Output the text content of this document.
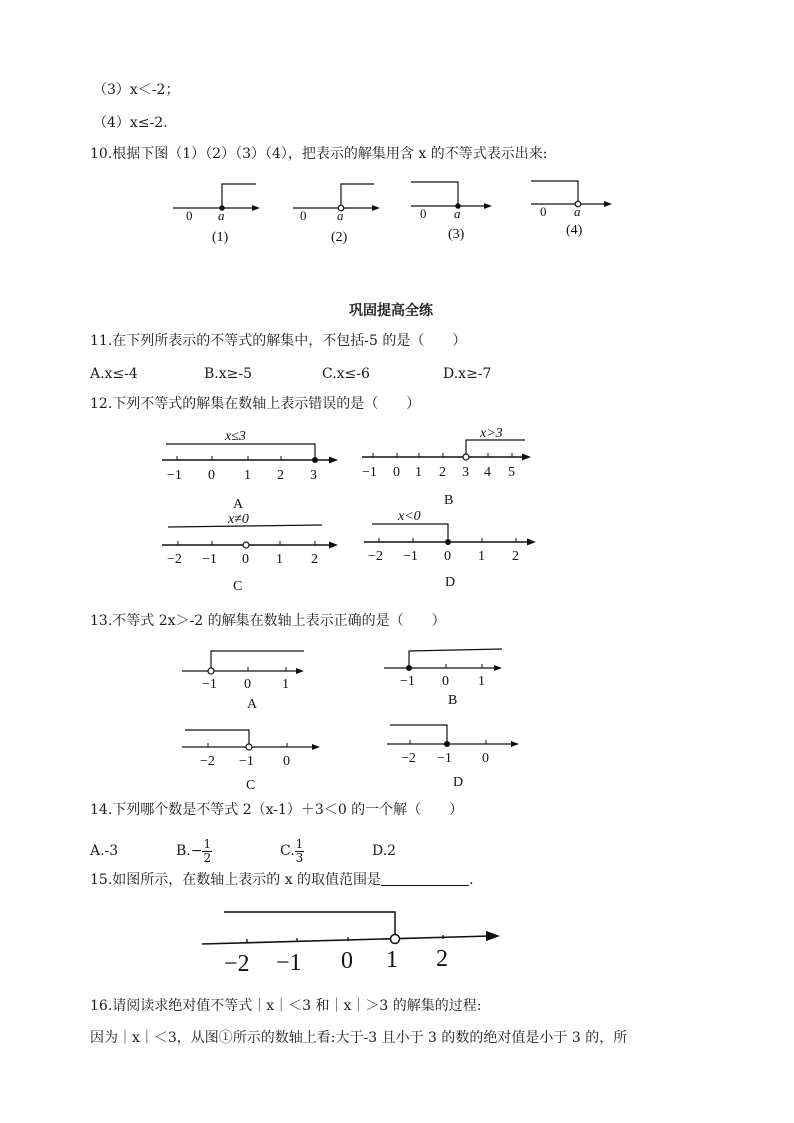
（3）x＜-2；
（4）x≤-2.
10.根据下图（1）（2）（3）（4），把表示的解集用含 x 的不等式表示出来:
0 a
(1)
0 a
(2)
0 a
(3)
0 a
(4)
巩固提高全练
11.在下列所表示的不等式的解集中，不包括-5 的是（　　）
A.x≤-4	B.x≥-5	C.x≤-6	D.x≥-7
12.下列不等式的解集在数轴上表示错误的是（　　）
x≤3
−1 0 1 2 3
A
x>3
−1 0 1 2 3 4 5
B
x≠0
−2 −1 0 1 2
C
x<0
−2 −1 0 1 2
D
13.不等式 2x＞-2 的解集在数轴上表示正确的是（　　）
−1 0 1
A
−1 0 1
B
−2 −1 0
C
−2 −1 0
D
14.下列哪个数是不等式 2（x-1）＋3＜0 的一个解（　　）
A.-3	$B.- \frac{1}{2}$	C. $\frac{1}{3}$	D.2
15.如图所示，在数轴上表示的 x 的取值范围是	.
−2 −1 0 1 2
16.请阅读求绝对值不等式｜x｜＜3 和｜x｜＞3 的解集的过程:
因为｜x｜＜3，从图①所示的数轴上看:大于-3 且小于 3 的数的绝对值是小于 3 的，所
